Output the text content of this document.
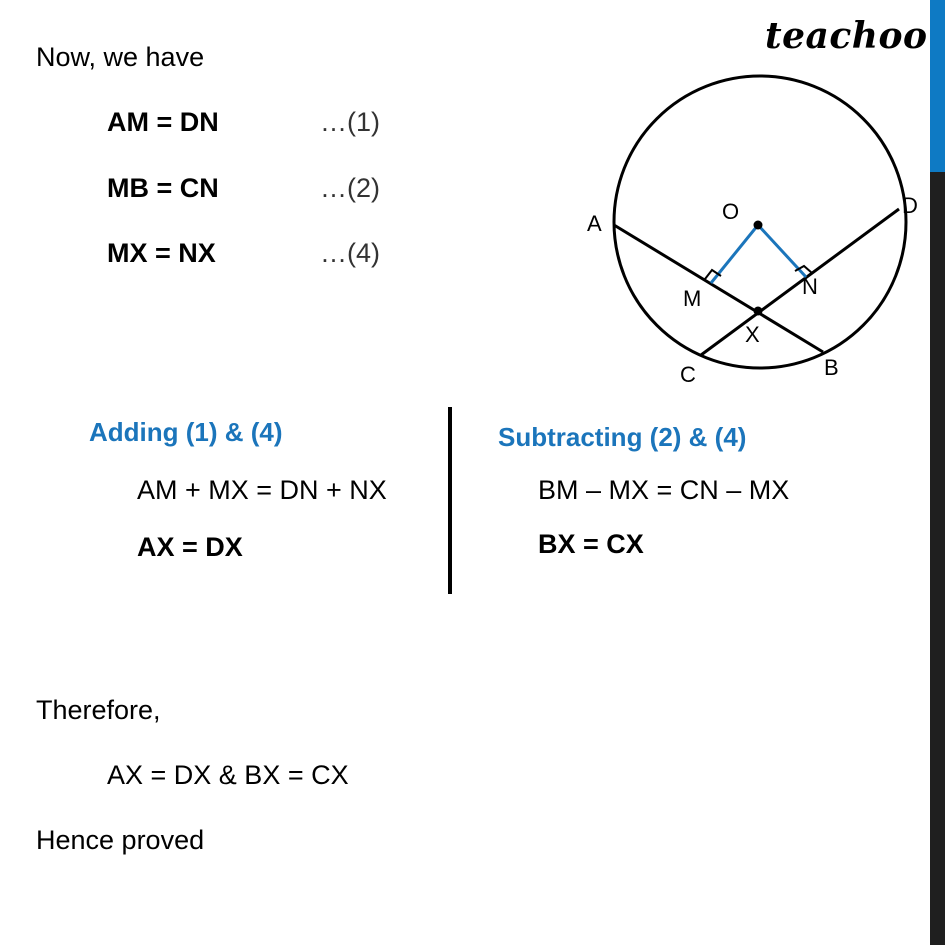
teachoo
Now, we have
AM = DN	…(1)
MB = CN	…(2)
MX = NX	…(4)
A
B
C
D
O
M	N
X
Adding (1) & (4)
AM + MX = DN + NX
AX = DX
Subtracting (2) & (4)
BM – MX = CN – MX
BX = CX
Therefore,
AX = DX & BX = CX
Hence proved
